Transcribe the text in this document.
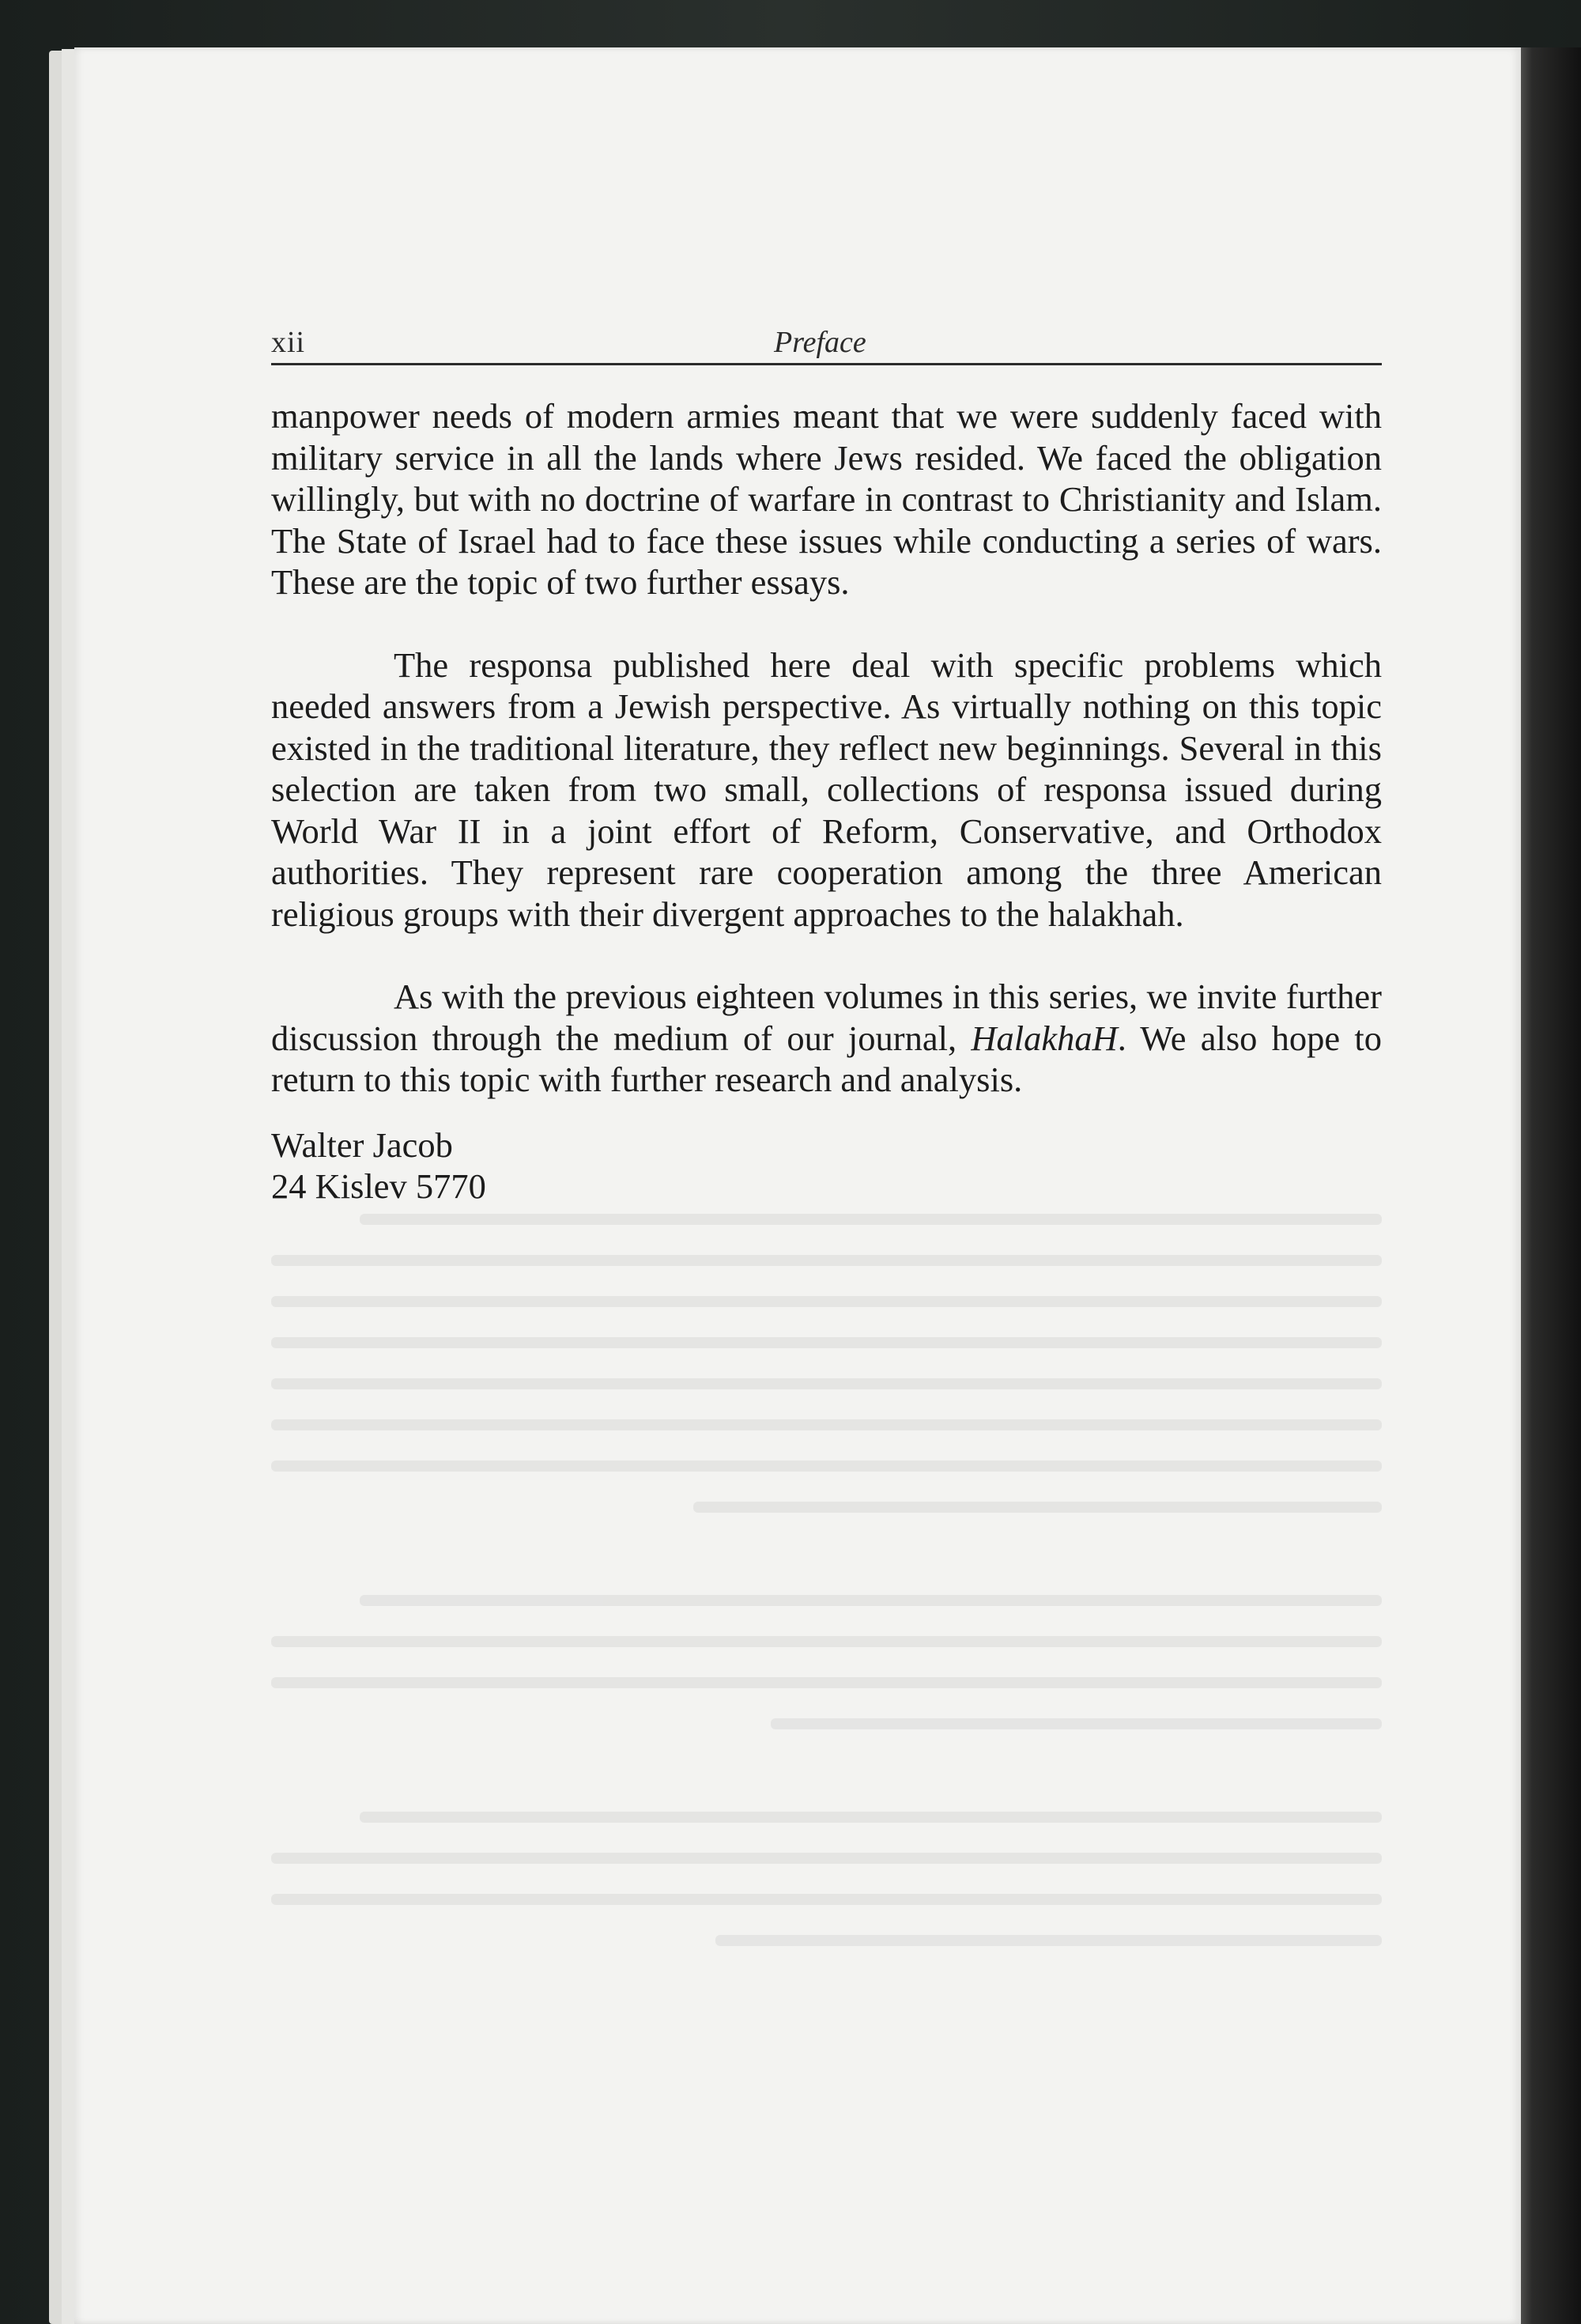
xii	Preface

manpower needs of modern armies meant that we were suddenly faced with military service in all the lands where Jews resided. We faced the obligation willingly, but with no doctrine of warfare in contrast to Christianity and Islam. The State of Israel had to face these issues while conducting a series of wars. These are the topic of two further essays.

The responsa published here deal with specific problems which needed answers from a Jewish perspective. As virtually nothing on this topic existed in the traditional literature, they reflect new beginnings. Several in this selection are taken from two small, collections of responsa issued during World War II in a joint effort of Reform, Conservative, and Orthodox authorities. They represent rare cooperation among the three American religious groups with their divergent approaches to the halakhah.

As with the previous eighteen volumes in this series, we invite further discussion through the medium of our journal, HalakhaH. We also hope to return to this topic with further research and analysis.

Walter Jacob
24 Kislev 5770
